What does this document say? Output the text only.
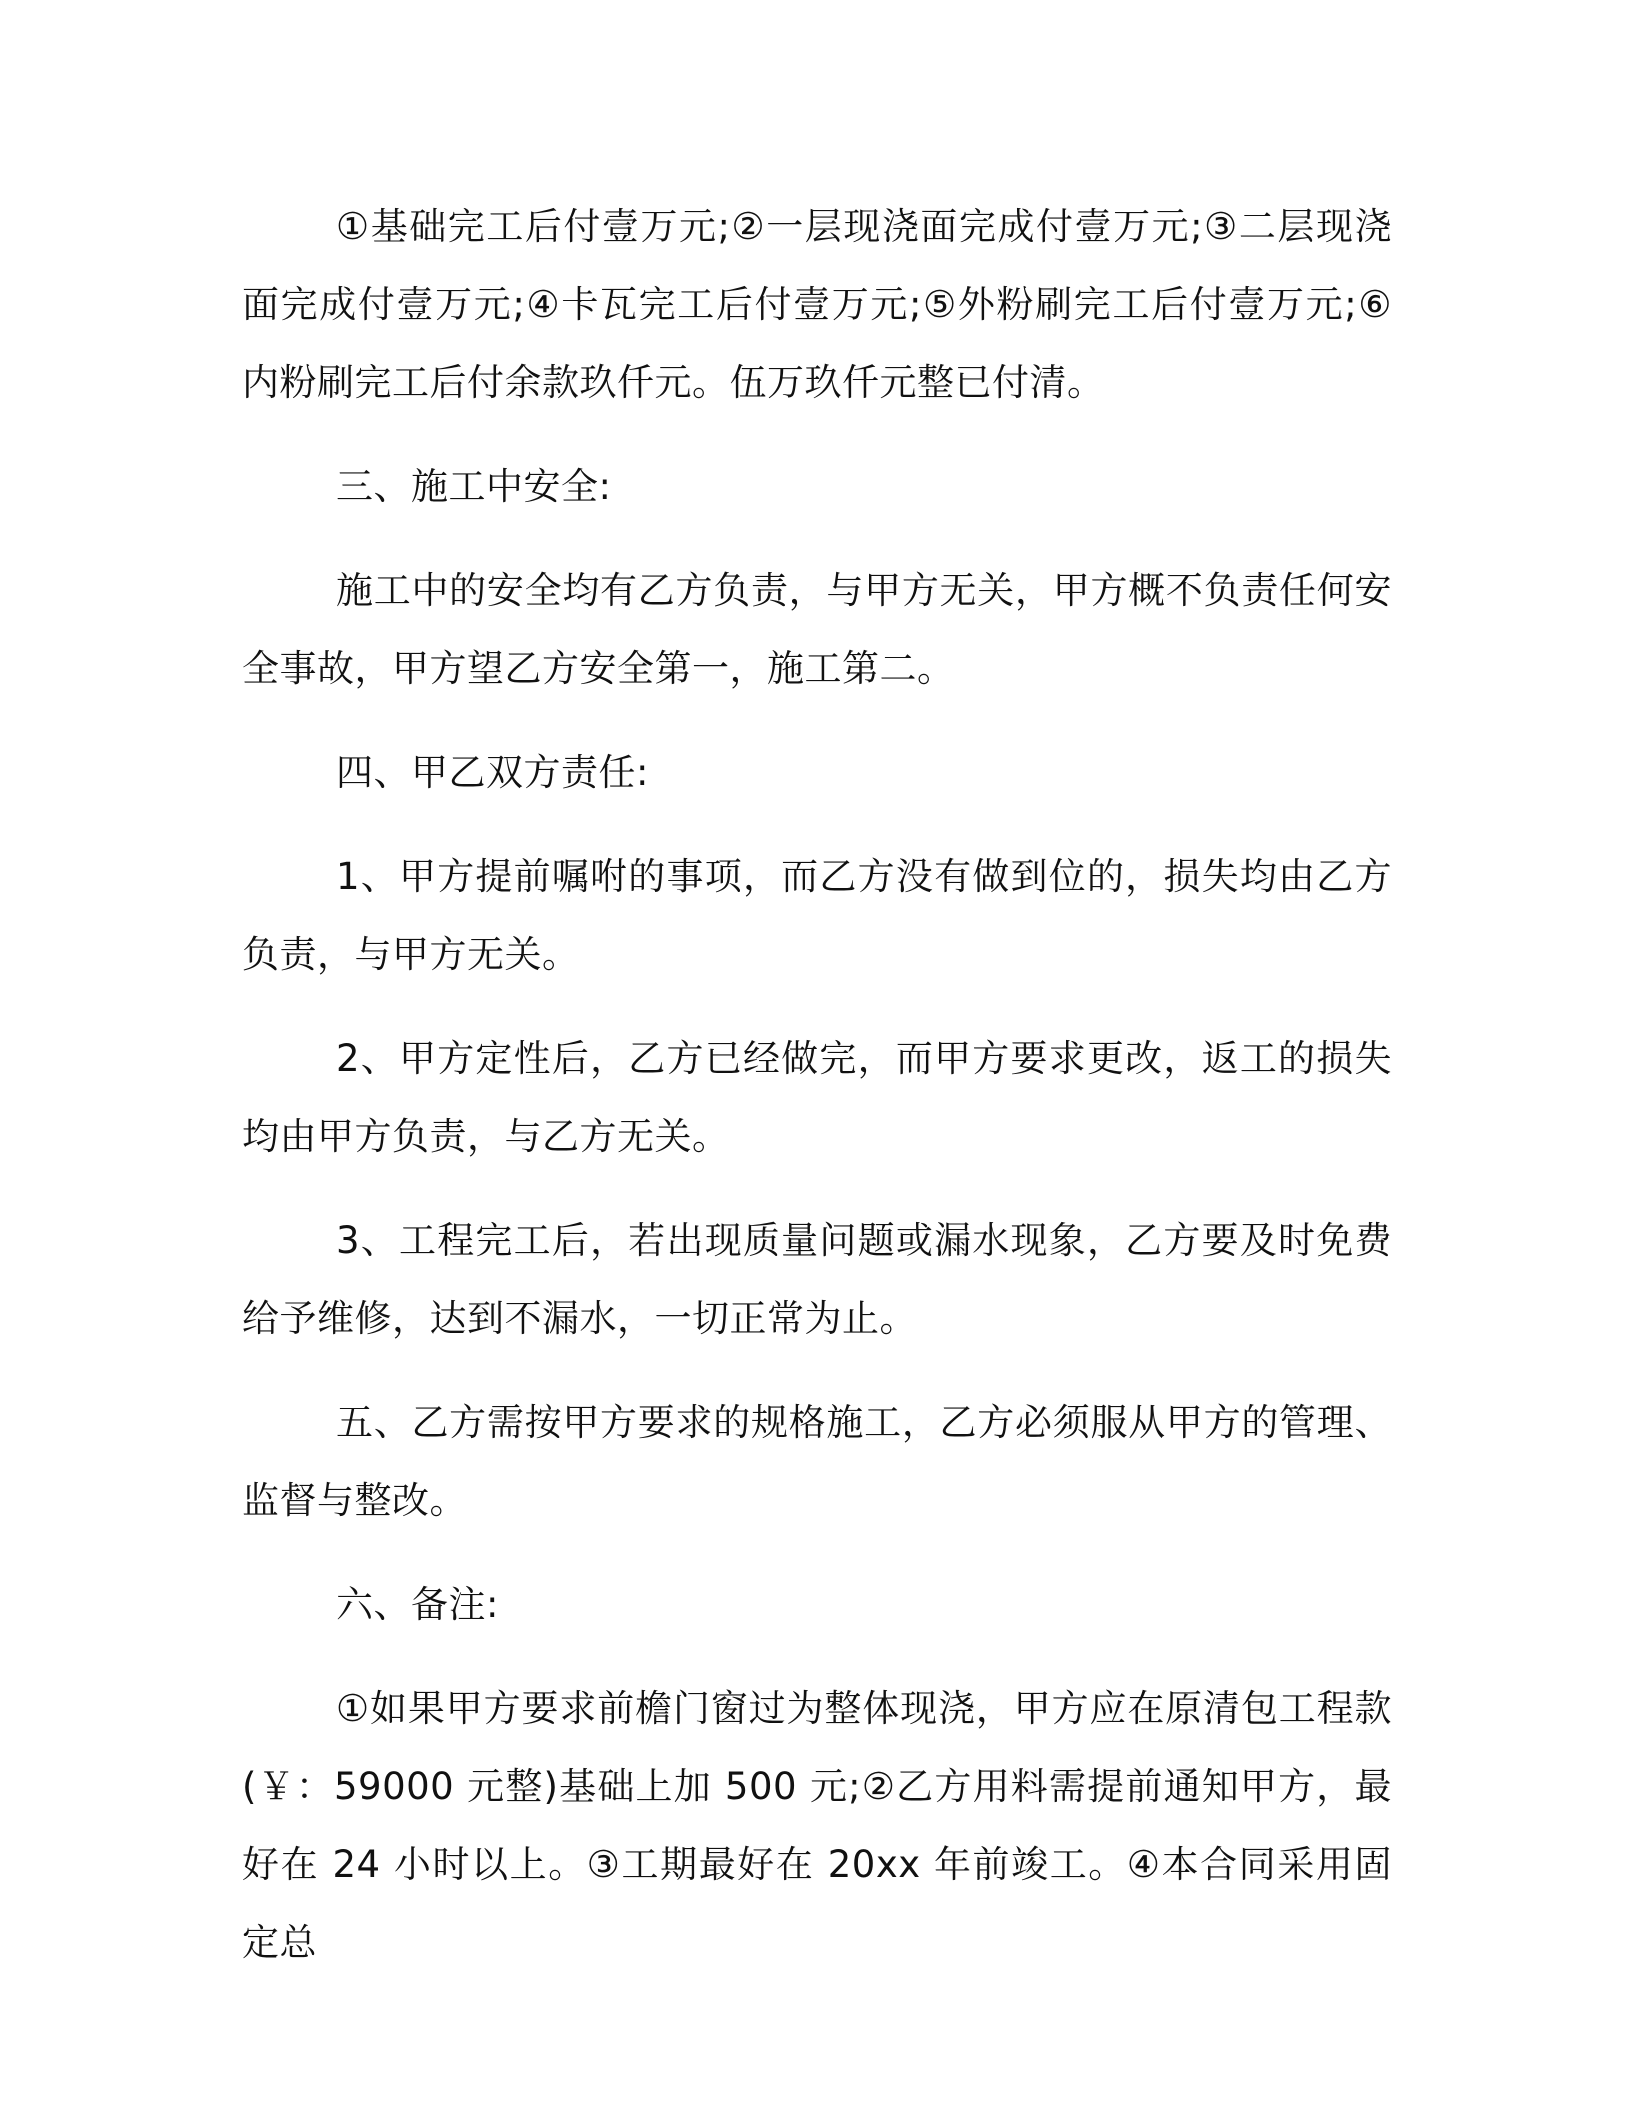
①基础完工后付壹万元;②一层现浇面完成付壹万元;③二层现浇面完成付壹万元;④卡瓦完工后付壹万元;⑤外粉刷完工后付壹万元;⑥内粉刷完工后付余款玖仟元。伍万玖仟元整已付清。

三、施工中安全:

施工中的安全均有乙方负责，与甲方无关，甲方概不负责任何安全事故，甲方望乙方安全第一，施工第二。

四、甲乙双方责任:

1、甲方提前嘱咐的事项，而乙方没有做到位的，损失均由乙方负责，与甲方无关。

2、甲方定性后，乙方已经做完，而甲方要求更改，返工的损失均由甲方负责，与乙方无关。

3、工程完工后，若出现质量问题或漏水现象，乙方要及时免费给予维修，达到不漏水，一切正常为止。

五、乙方需按甲方要求的规格施工，乙方必须服从甲方的管理、监督与整改。

六、备注:

①如果甲方要求前檐门窗过为整体现浇，甲方应在原清包工程款(￥：59000 元整)基础上加 500 元;②乙方用料需提前通知甲方，最好在 24 小时以上。③工期最好在 20xx 年前竣工。④本合同采用固定总
